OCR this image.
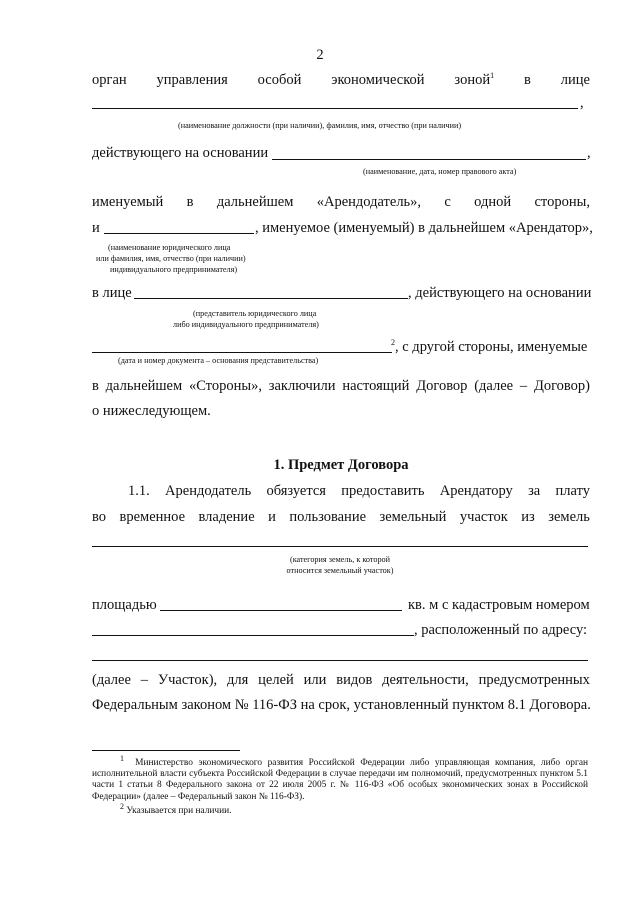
2
орган управления особой экономической зоной$^1$ в лице
,
(наименование должности (при наличии), фамилия, имя, отчество (при наличии)
действующего на основании	,
(наименование, дата, номер правового акта)
именуемый в дальнейшем «Арендодатель», с одной стороны,
и	, именуемое (именуемый) в дальнейшем «Арендатор»,
(наименование юридического лица
или фамилия, имя, отчество (при наличии)
индивидуального предпринимателя)
в лице	, действующего на основании
(представитель юридического лица
либо индивидуального предпринимателя)
$^2$, с другой стороны, именуемые
(дата и номер документа – основания представительства)
в дальнейшем «Стороны», заключили настоящий Договор (далее – Договор)
о нижеследующем.
1. Предмет Договора
1.1. Арендодатель обязуется предоставить Арендатору за плату
во временное владение и пользование земельный участок из земель
(категория земель, к которой
относится земельный участок)
площадью	кв. м с кадастровым номером
, расположенный по адресу:
(далее – Участок), для целей или видов деятельности, предусмотренных
Федеральным законом № 116-ФЗ на срок, установленный пунктом 8.1 Договора.
$^1$ Министерство экономического развития Российской Федерации либо управляющая компания, либо орган исполнительной власти субъекта Российской Федерации в случае передачи им полномочий, предусмотренных пунктом 5.1 части 1 статьи 8 Федерального закона от 22 июля 2005 г. № 116-ФЗ «Об особых экономических зонах в Российской Федерации» (далее – Федеральный закон № 116-ФЗ).
$^2$ Указывается при наличии.
